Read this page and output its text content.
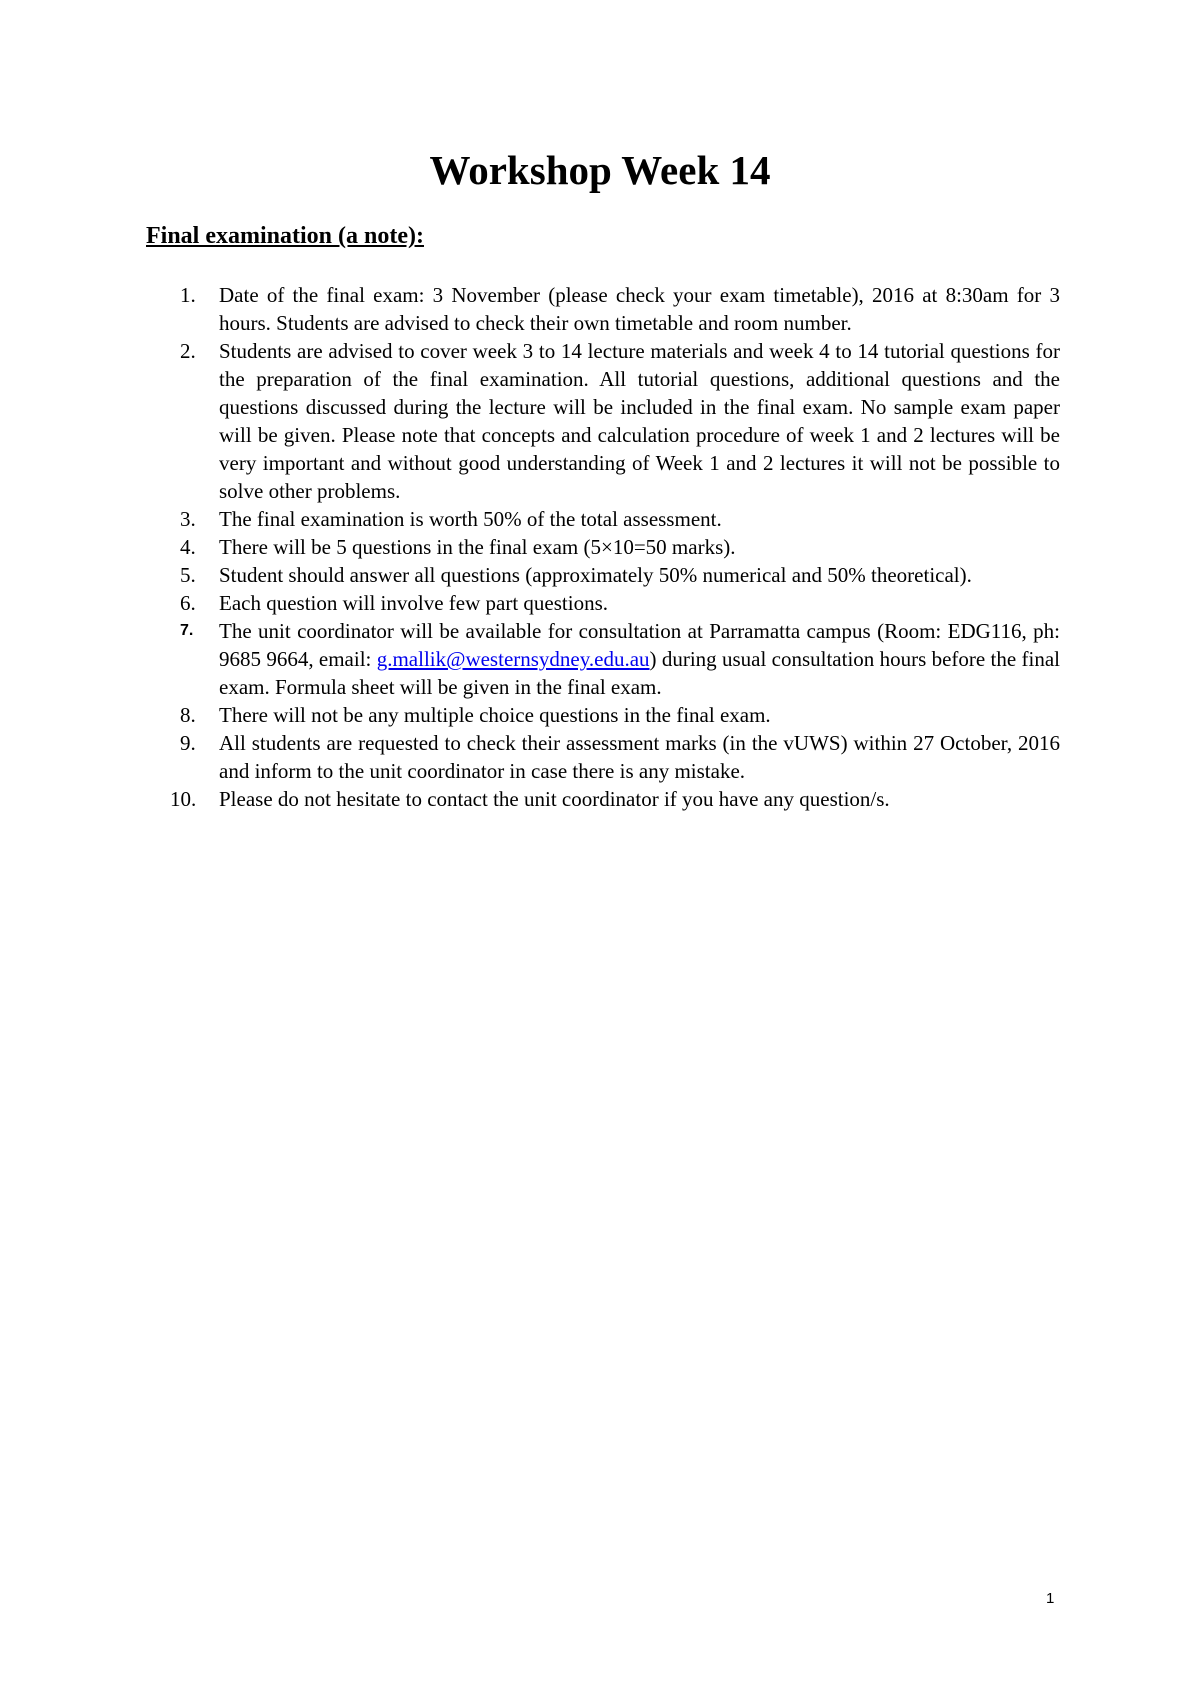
Workshop Week 14
Final examination (a note):
1. Date of the final exam: 3 November (please check your exam timetable), 2016 at 8:30am for 3 hours. Students are advised to check their own timetable and room number.
2. Students are advised to cover week 3 to 14 lecture materials and week 4 to 14 tutorial questions for the preparation of the final examination. All tutorial questions, additional questions and the questions discussed during the lecture will be included in the final exam. No sample exam paper will be given. Please note that concepts and calculation procedure of week 1 and 2 lectures will be very important and without good understanding of Week 1 and 2 lectures it will not be possible to solve other problems.
3. The final examination is worth 50% of the total assessment.
4. There will be 5 questions in the final exam (5×10=50 marks).
5. Student should answer all questions (approximately 50% numerical and 50% theoretical).
6. Each question will involve few part questions.
7. The unit coordinator will be available for consultation at Parramatta campus (Room: EDG116, ph: 9685 9664, email: g.mallik@westernsydney.edu.au) during usual consultation hours before the final exam. Formula sheet will be given in the final exam.
8. There will not be any multiple choice questions in the final exam.
9. All students are requested to check their assessment marks (in the vUWS) within 27 October, 2016 and inform to the unit coordinator in case there is any mistake.
10. Please do not hesitate to contact the unit coordinator if you have any question/s.
1
